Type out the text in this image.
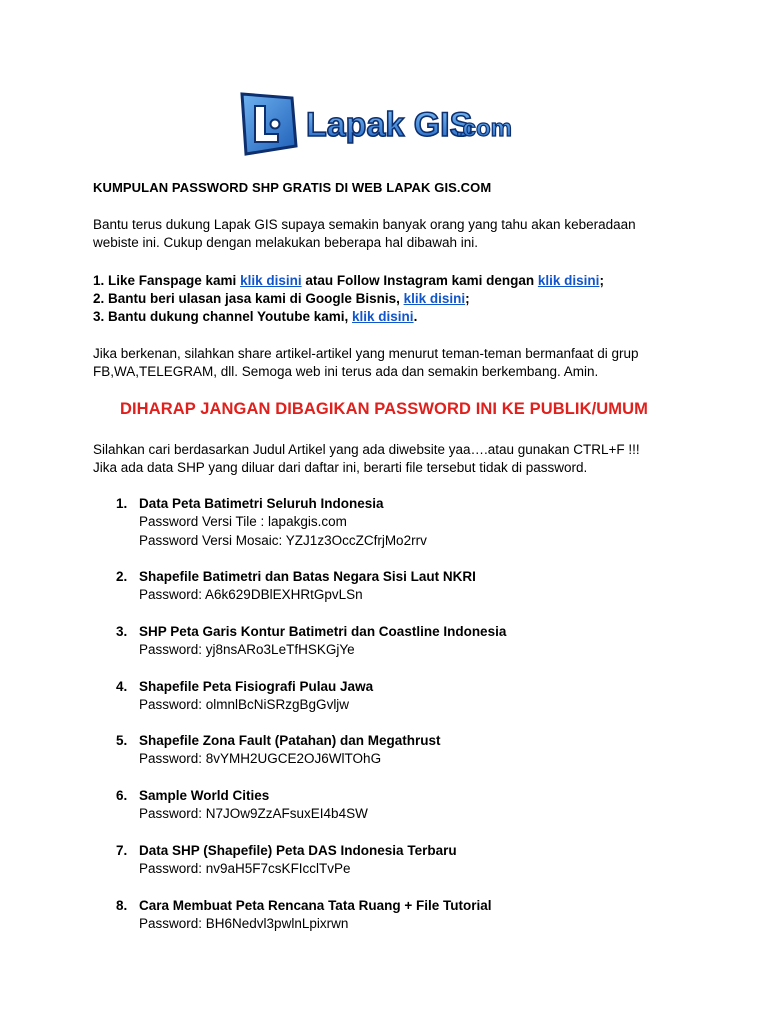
Lapak GIS
.com
KUMPULAN PASSWORD SHP GRATIS DI WEB LAPAK GIS.COM
Bantu terus dukung Lapak GIS supaya semakin banyak orang yang tahu akan keberadaan
webiste ini. Cukup dengan melakukan beberapa hal dibawah ini.
1. Like Fanspage kami klik disini atau Follow Instagram kami dengan klik disini;
2. Bantu beri ulasan jasa kami di Google Bisnis, klik disini;
3. Bantu dukung channel Youtube kami, klik disini.
Jika berkenan, silahkan share artikel-artikel yang menurut teman-teman bermanfaat di grup
FB,WA,TELEGRAM, dll. Semoga web ini terus ada dan semakin berkembang. Amin.
DIHARAP JANGAN DIBAGIKAN PASSWORD INI KE PUBLIK/UMUM
Silahkan cari berdasarkan Judul Artikel yang ada diwebsite yaa….atau gunakan CTRL+F !!!
Jika ada data SHP yang diluar dari daftar ini, berarti file tersebut tidak di password.
1. Data Peta Batimetri Seluruh Indonesia
Password Versi Tile : lapakgis.com
Password Versi Mosaic: YZJ1z3OccZCfrjMo2rrv
2. Shapefile Batimetri dan Batas Negara Sisi Laut NKRI
Password: A6k629DBlEXHRtGpvLSn
3. SHP Peta Garis Kontur Batimetri dan Coastline Indonesia
Password: yj8nsARo3LeTfHSKGjYe
4. Shapefile Peta Fisiografi Pulau Jawa
Password: olmnlBcNiSRzgBgGvljw
5. Shapefile Zona Fault (Patahan) dan Megathrust
Password: 8vYMH2UGCE2OJ6WlTOhG
6. Sample World Cities
Password: N7JOw9ZzAFsuxEI4b4SW
7. Data SHP (Shapefile) Peta DAS Indonesia Terbaru
Password: nv9aH5F7csKFIcclTvPe
8. Cara Membuat Peta Rencana Tata Ruang + File Tutorial
Password: BH6Nedvl3pwlnLpixrwn
